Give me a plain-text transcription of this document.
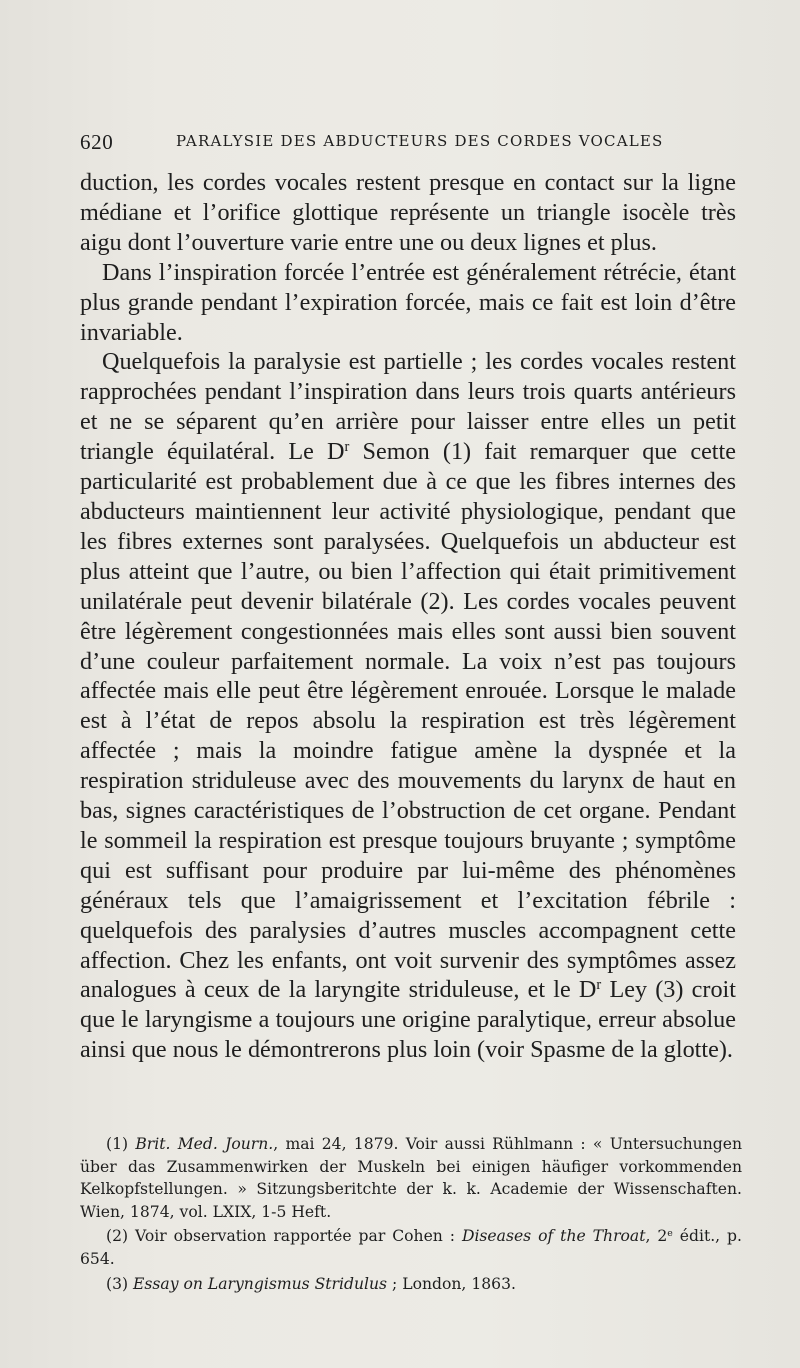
620	PARALYSIE DES ABDUCTEURS DES CORDES VOCALES

duction, les cordes vocales restent presque en contact sur la ligne médiane et l’orifice glottique représente un triangle isocèle très aigu dont l’ouverture varie entre une ou deux lignes et plus.

Dans l’inspiration forcée l’entrée est généralement rétrécie, étant plus grande pendant l’expiration forcée, mais ce fait est loin d’être invariable.

Quelquefois la paralysie est partielle ; les cordes vocales restent rapprochées pendant l’inspiration dans leurs trois quarts antérieurs et ne se séparent qu’en arrière pour laisser entre elles un petit triangle équilatéral. Le $D^r$ Semon (1) fait remarquer que cette particularité est probablement due à ce que les fibres internes des abducteurs maintiennent leur activité physiologique, pendant que les fibres externes sont paralysées. Quelquefois un abducteur est plus atteint que l’autre, ou bien l’affection qui était primitivement unilatérale peut devenir bilatérale (2). Les cordes vocales peuvent être légèrement congestionnées mais elles sont aussi bien souvent d’une couleur parfaitement normale. La voix n’est pas toujours affectée mais elle peut être légèrement enrouée. Lorsque le malade est à l’état de repos absolu la respiration est très légèrement affectée ; mais la moindre fatigue amène la dyspnée et la respiration striduleuse avec des mouvements du larynx de haut en bas, signes caractéristiques de l’obstruction de cet organe. Pendant le sommeil la respiration est presque toujours bruyante ; symptôme qui est suffisant pour produire par lui-même des phénomènes généraux tels que l’amaigrissement et l’excitation fébrile : quelquefois des paralysies d’autres muscles accompagnent cette affection. Chez les enfants, ont voit survenir des symptômes assez analogues à ceux de la laryngite striduleuse, et le $D^r$ Ley (3) croit que le laryngisme a toujours une origine paralytique, erreur absolue ainsi que nous le démontrerons plus loin (voir Spasme de la glotte).

(1) Brit. Med. Journ., mai 24, 1879. Voir aussi Rühlmann : « Untersuchungen über das Zusammenwirken der Muskeln bei einigen häufiger vorkommenden Kelkopfstellungen. » Sitzungsberitchte der k. k. Academie der Wissenschaften. Wien, 1874, vol. LXIX, 1-5 Heft.

(2) Voir observation rapportée par Cohen : Diseases of the Throat, 2e édit., p. 654.

(3) Essay on Laryngismus Stridulus ; London, 1863.
